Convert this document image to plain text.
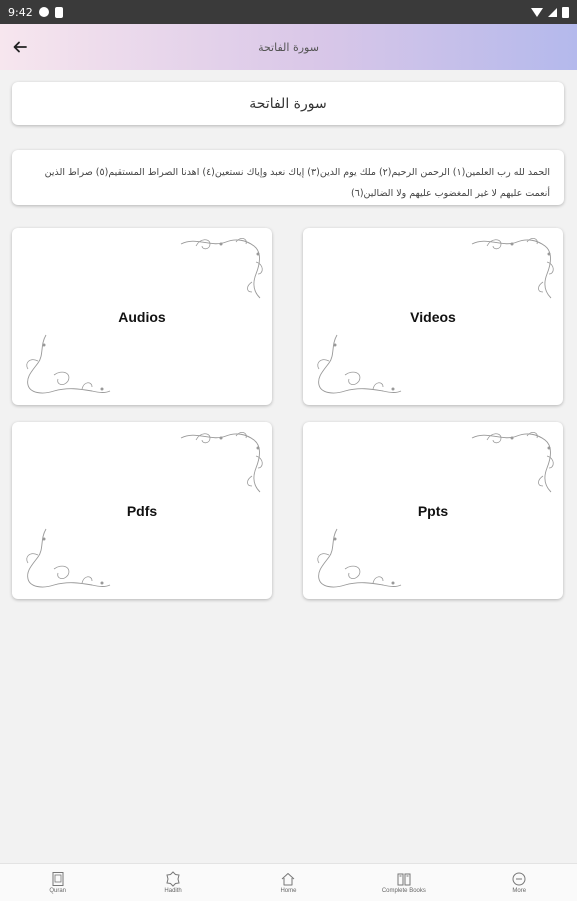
9:42
سورة الفاتحة
سورة الفاتحة
الحمد لله رب العلمين(١) الرحمن الرحيم(٢) ملك يوم الدين(٣) إياك نعبد وإياك نستعين(٤) اهدنا الصراط المستقيم(٥) صراط الذين أنعمت عليهم لا غير المغضوب عليهم ولا الضالين(٦)
Audios	Videos
Pdfs	Ppts
Quran	Hadith	Home	Complete Books	More
